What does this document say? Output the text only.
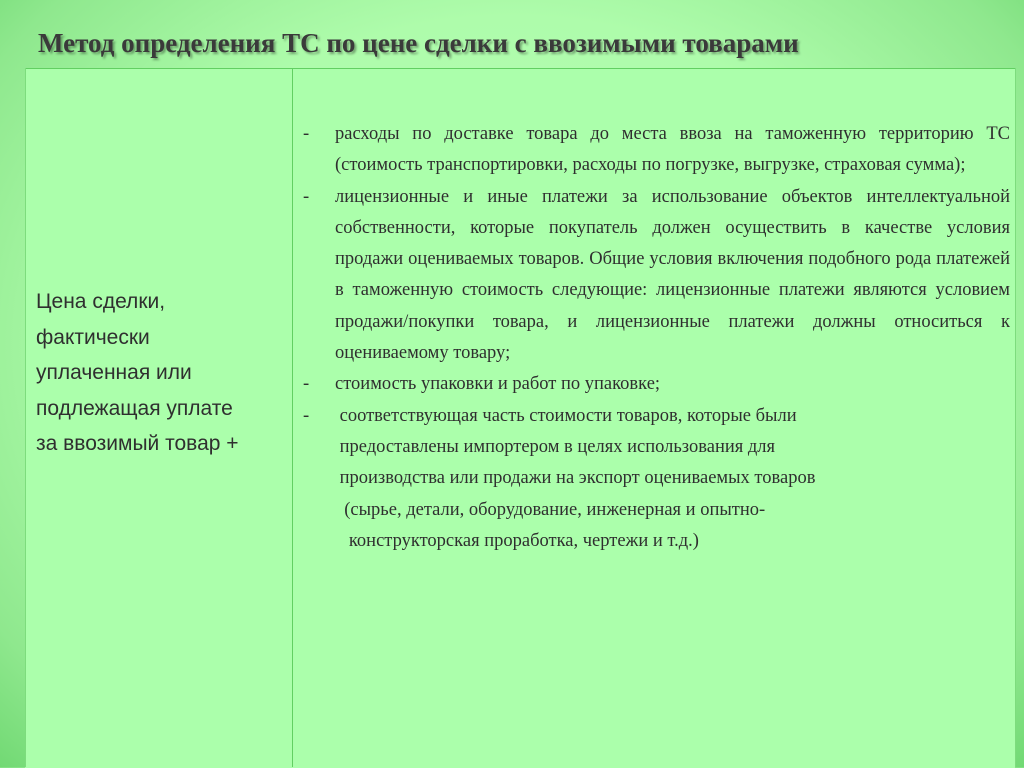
Метод определения ТС по цене сделки с ввозимыми товарами

Цена сделки,
фактически
уплаченная или
подлежащая уплате
за ввозимый товар +

- расходы по доставке товара до места ввоза на таможенную территорию ТС (стоимость транспортировки, расходы по погрузке, выгрузке, страховая сумма);
- лицензионные и иные платежи за использование объектов интеллектуальной собственности, которые покупатель должен осуществить в качестве условия продажи оцениваемых товаров. Общие условия включения подобного рода платежей в таможенную стоимость следующие: лицензионные платежи являются условием продажи/покупки товара, и лицензионные платежи должны относиться к оцениваемому товару;
- стоимость упаковки и работ по упаковке;
- соответствующая часть стоимости товаров, которые были
предоставлены импортером в целях использования для
производства или продажи на экспорт оцениваемых товаров
(сырье, детали, оборудование, инженерная и опытно-
конструкторская проработка, чертежи и т.д.)
